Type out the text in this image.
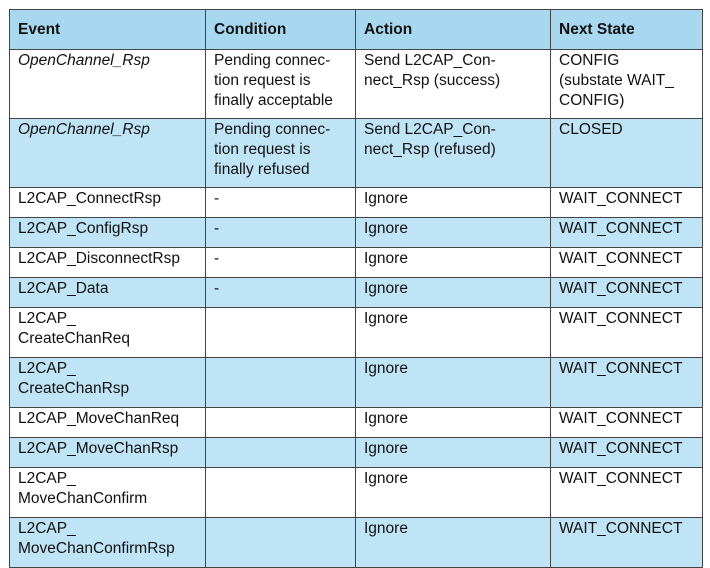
Event	Condition	Action	Next State
OpenChannel_Rsp	Pending connec-
tion request is
finally acceptable	Send L2CAP_Con-
nect_Rsp (success)	CONFIG
(substate WAIT_
CONFIG)
OpenChannel_Rsp	Pending connec-
tion request is
finally refused	Send L2CAP_Con-
nect_Rsp (refused)	CLOSED
L2CAP_ConnectRsp	-	Ignore	WAIT_CONNECT
L2CAP_ConfigRsp	-	Ignore	WAIT_CONNECT
L2CAP_DisconnectRsp	-	Ignore	WAIT_CONNECT
L2CAP_Data	-	Ignore	WAIT_CONNECT
L2CAP_
CreateChanReq		Ignore	WAIT_CONNECT
L2CAP_
CreateChanRsp		Ignore	WAIT_CONNECT
L2CAP_MoveChanReq		Ignore	WAIT_CONNECT
L2CAP_MoveChanRsp		Ignore	WAIT_CONNECT
L2CAP_
MoveChanConfirm		Ignore	WAIT_CONNECT
L2CAP_
MoveChanConfirmRsp		Ignore	WAIT_CONNECT
